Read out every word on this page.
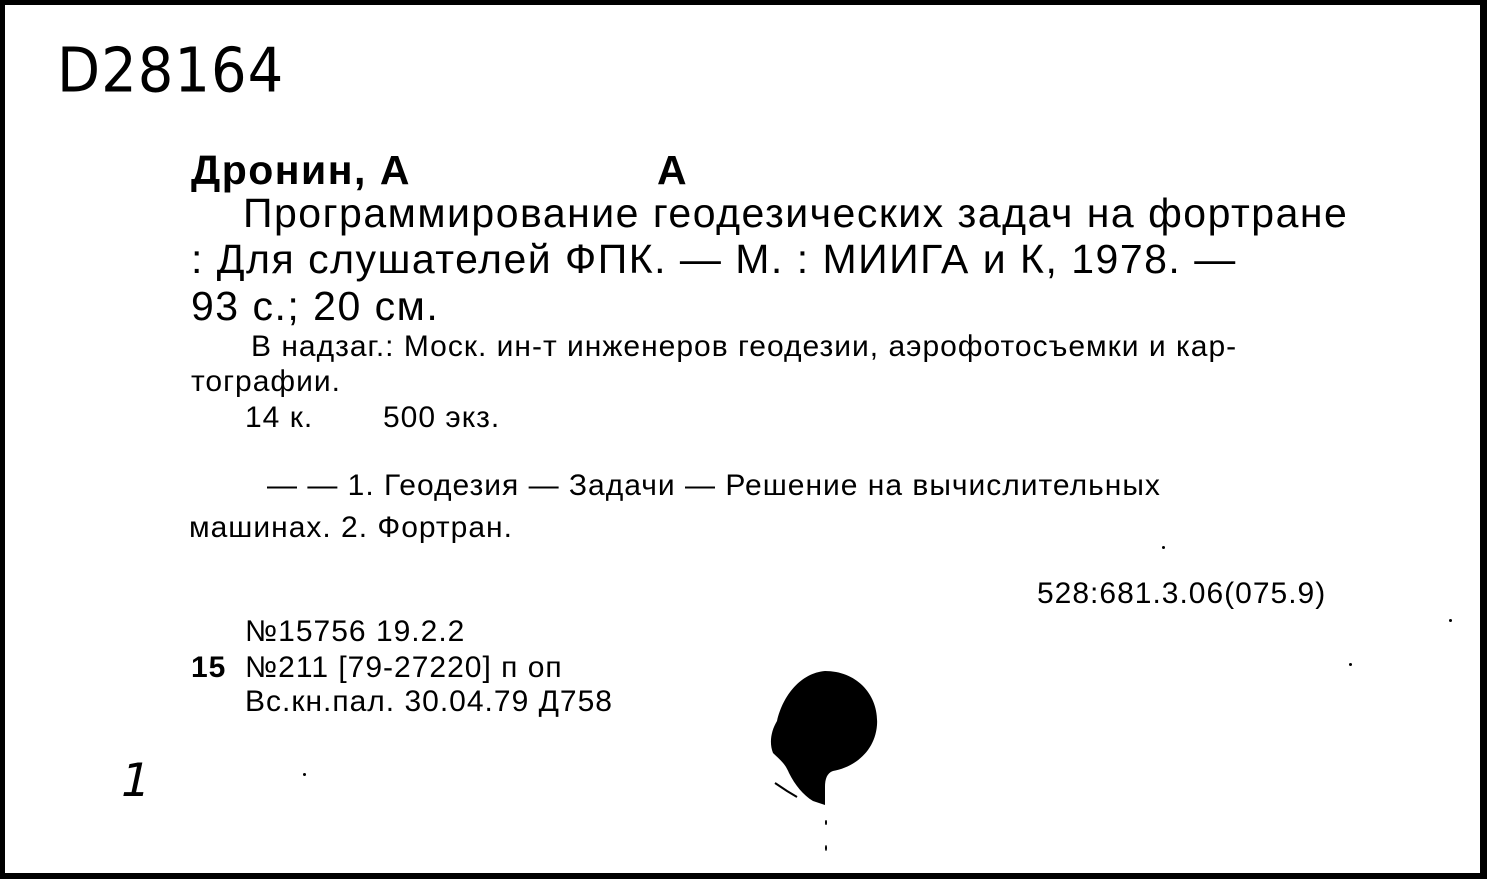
D28164
Дронин, А	А
Программирование геодезических задач на фортране
: Для слушателей ФПК. — М. : МИИГА и К, 1978. —
93 с.; 20 см.
В надзаг.: Моск. ин-т инженеров геодезии, аэрофотосъемки и кар-
тографии.
14 к. 500 экз.
— — 1. Геодезия — Задачи — Решение на вычислительных
машинах. 2. Фортран.
528:681.3.06(075.9)
№15756 19.2.2
15 №211 [79-27220] п оп
Вс.кн.пал. 30.04.79 Д758
1
